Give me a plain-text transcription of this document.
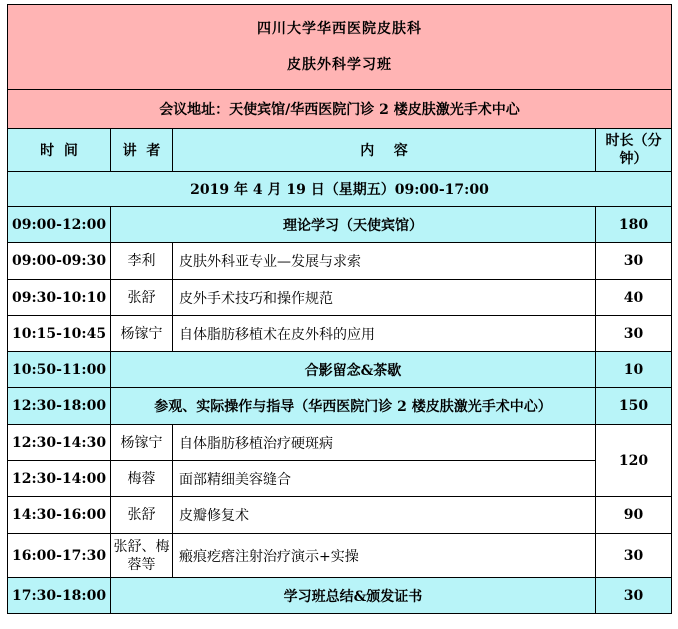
四川大学华西医院皮肤科
皮肤外科学习班			

会议地址：天使宾馆/华西医院门诊 2 楼皮肤激光手术中心			
时  间	讲  者	内    容	时长（分钟）
2019 年 4 月 19 日（星期五）09:00-17:00			
09:00-12:00	理论学习（天使宾馆）		180
09:00-09:30	李利	皮肤外科亚专业—发展与求索	30
09:30-10:10	张舒	皮外手术技巧和操作规范	40
10:15-10:45	杨镓宁	自体脂肪移植术在皮外科的应用	30
10:50-11:00	合影留念&茶歇		10
12:30-18:00	参观、实际操作与指导（华西医院门诊 2 楼皮肤激光手术中心）		150
12:30-14:30	杨镓宁	自体脂肪移植治疗硬斑病	120
12:30-14:00	梅蓉	面部精细美容缝合	
14:30-16:00	张舒	皮瓣修复术	90
16:00-17:30	张舒、梅蓉等	瘢痕疙瘩注射治疗演示+实操	30
17:30-18:00	学习班总结&颁发证书		30
